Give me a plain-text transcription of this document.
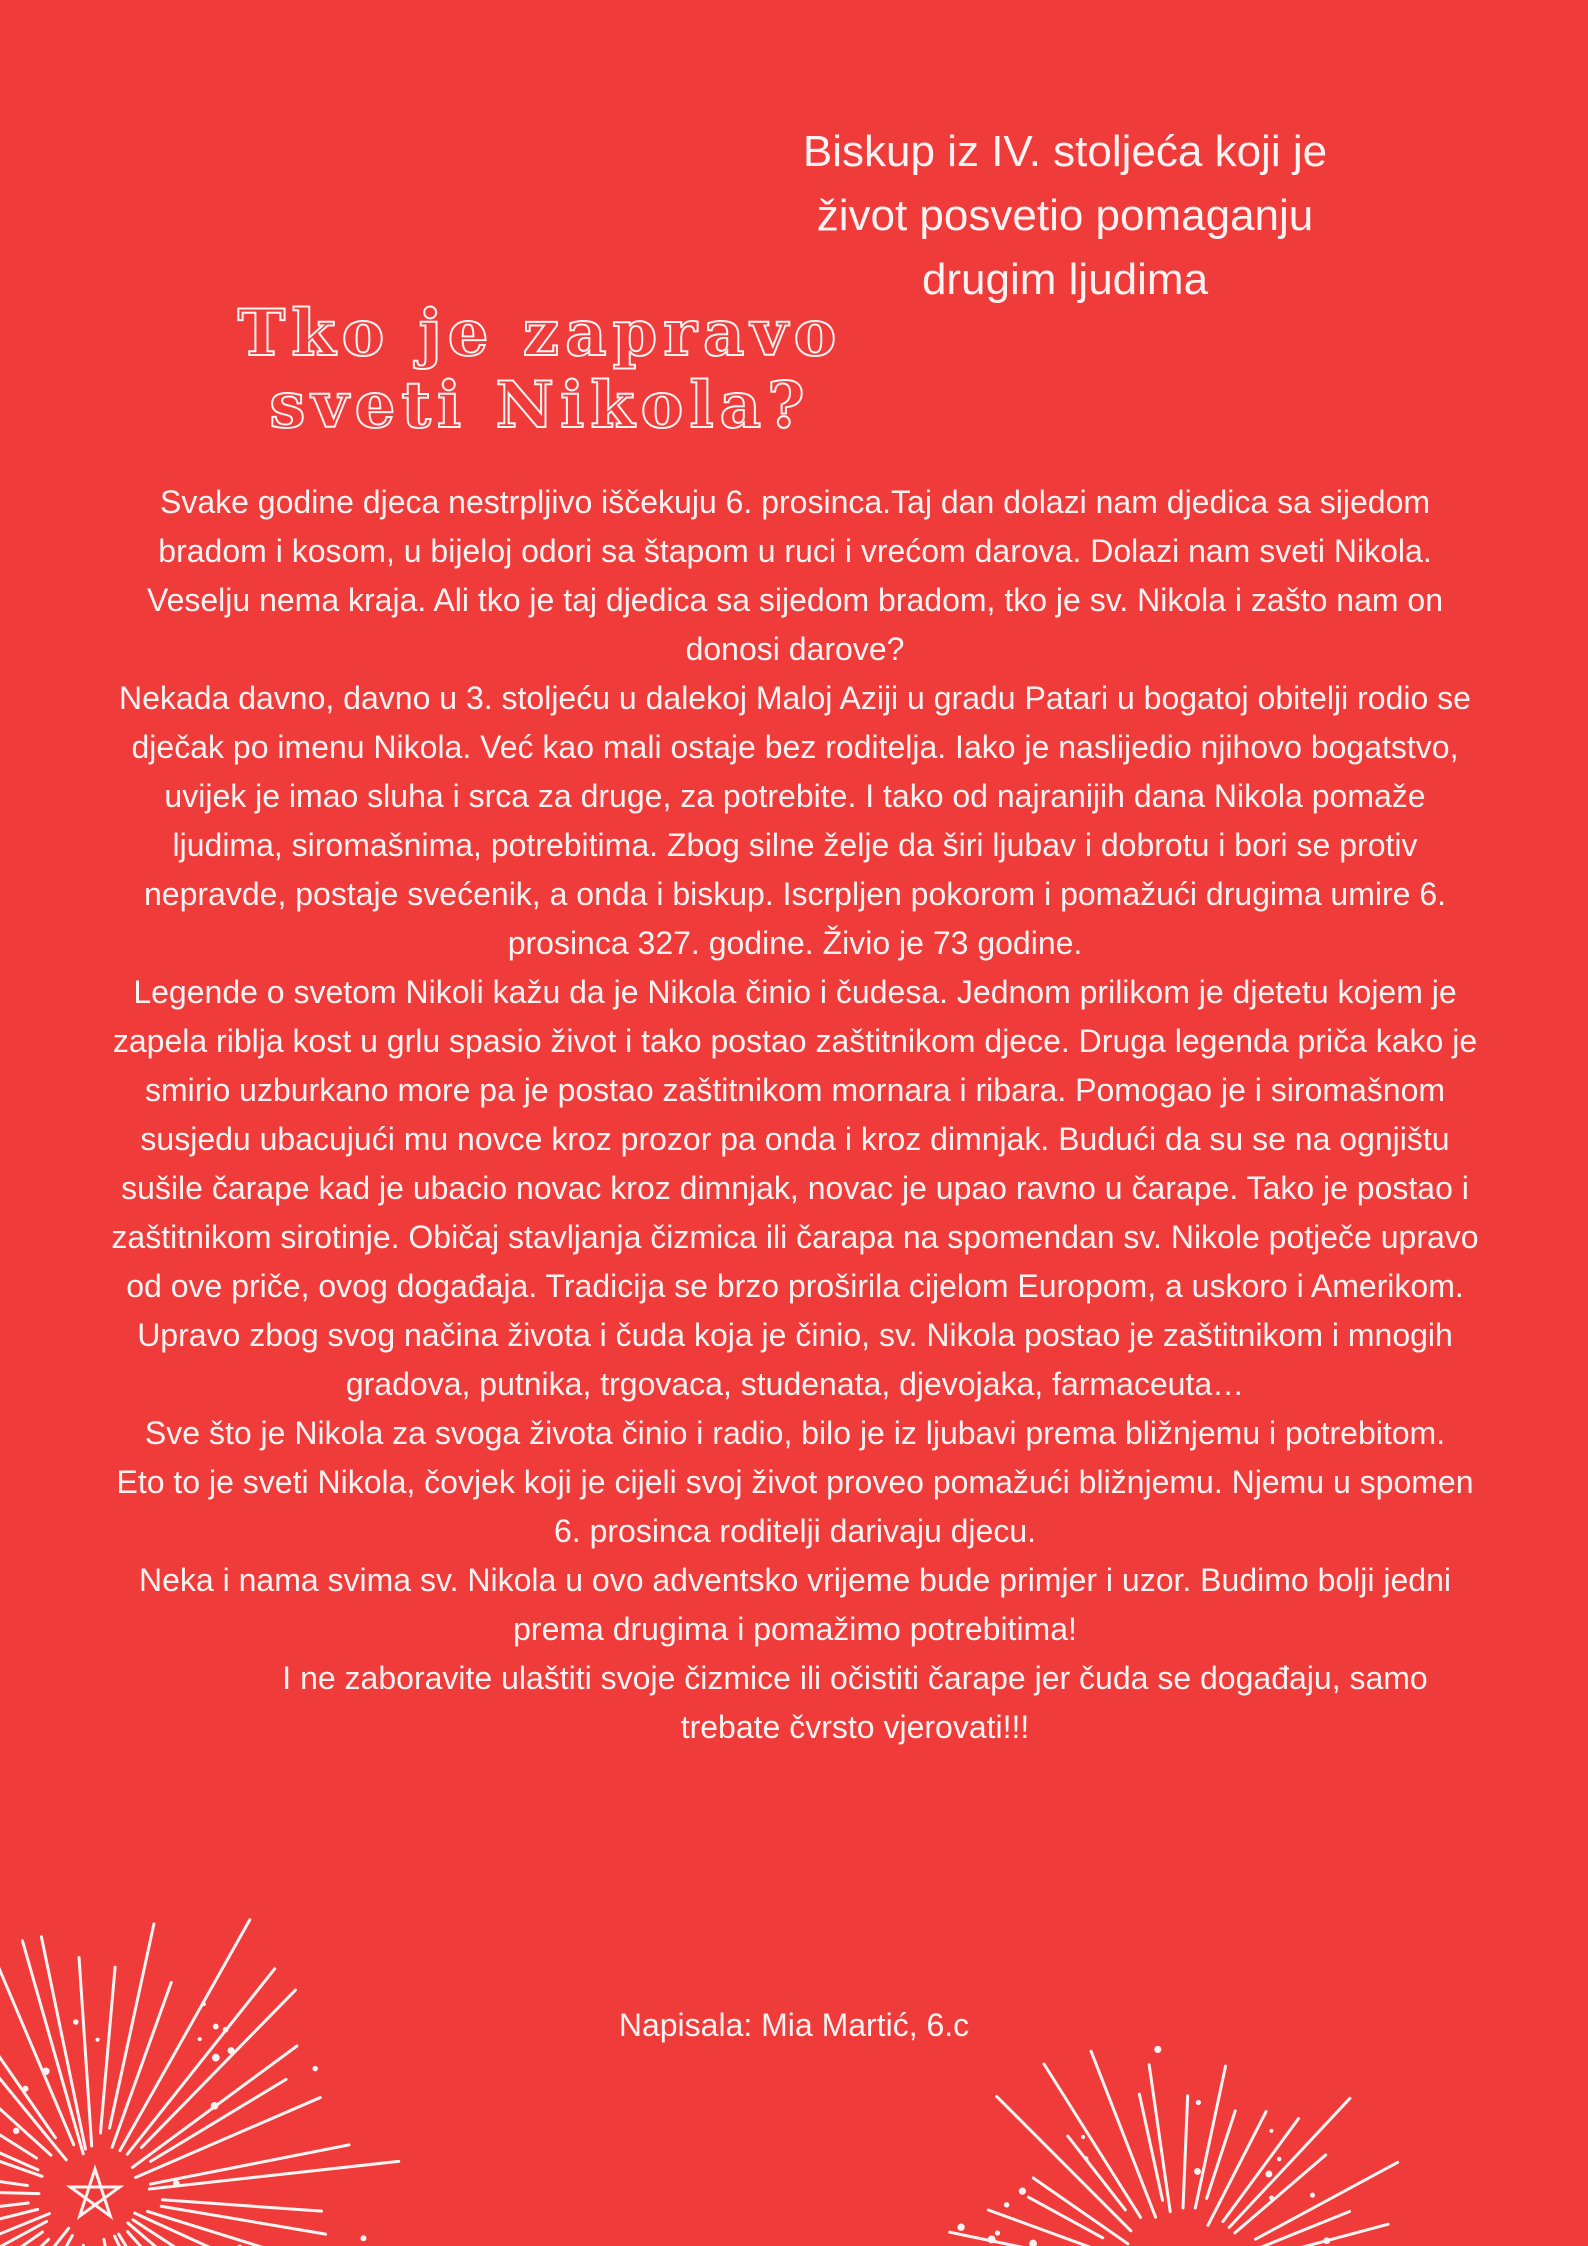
Biskup iz IV. stoljeća koji je
život posvetio pomaganju
drugim ljudima
Tko je zapravo
sveti Nikola?

Svake godine djeca nestrpljivo iščekuju 6. prosinca.Taj dan dolazi nam djedica sa sijedom bradom i kosom, u bijeloj odori sa štapom u ruci i vrećom darova. Dolazi nam sveti Nikola. Veselju nema kraja. Ali tko je taj djedica sa sijedom bradom, tko je sv. Nikola i zašto nam on donosi darove?

Nekada davno, davno u 3. stoljeću u dalekoj Maloj Aziji u gradu Patari u bogatoj obitelji rodio se dječak po imenu Nikola. Već kao mali ostaje bez roditelja. Iako je naslijedio njihovo bogatstvo, uvijek je imao sluha i srca za druge, za potrebite. I tako od najranijih dana Nikola pomaže ljudima, siromašnima, potrebitima. Zbog silne želje da širi ljubav i dobrotu i bori se protiv nepravde, postaje svećenik, a onda i biskup. Iscrpljen pokorom i pomažući drugima umire 6. prosinca 327. godine. Živio je 73 godine.

Legende o svetom Nikoli kažu da je Nikola činio i čudesa. Jednom prilikom je djetetu kojem je zapela riblja kost u grlu spasio život i tako postao zaštitnikom djece. Druga legenda priča kako je smirio uzburkano more pa je postao zaštitnikom mornara i ribara. Pomogao je i siromašnom susjedu ubacujući mu novce kroz prozor pa onda i kroz dimnjak. Budući da su se na ognjištu sušile čarape kad je ubacio novac kroz dimnjak, novac je upao ravno u čarape. Tako je postao i zaštitnikom sirotinje. Običaj stavljanja čizmica ili čarapa na spomendan sv. Nikole potječe upravo od ove priče, ovog događaja. Tradicija se brzo proširila cijelom Europom, a uskoro i Amerikom.

Upravo zbog svog načina života i čuda koja je činio, sv. Nikola postao je zaštitnikom i mnogih gradova, putnika, trgovaca, studenata, djevojaka, farmaceuta…

Sve što je Nikola za svoga života činio i radio, bilo je iz ljubavi prema bližnjemu i potrebitom.

Eto to je sveti Nikola, čovjek koji je cijeli svoj život proveo pomažući bližnjemu. Njemu u spomen 6. prosinca roditelji darivaju djecu.

Neka i nama svima sv. Nikola u ovo adventsko vrijeme bude primjer i uzor. Budimo bolji jedni prema drugima i pomažimo potrebitima!

I ne zaboravite ulaštiti svoje čizmice ili očistiti čarape jer čuda se događaju, samo trebate čvrsto vjerovati!!!

Napisala: Mia Martić, 6.c
